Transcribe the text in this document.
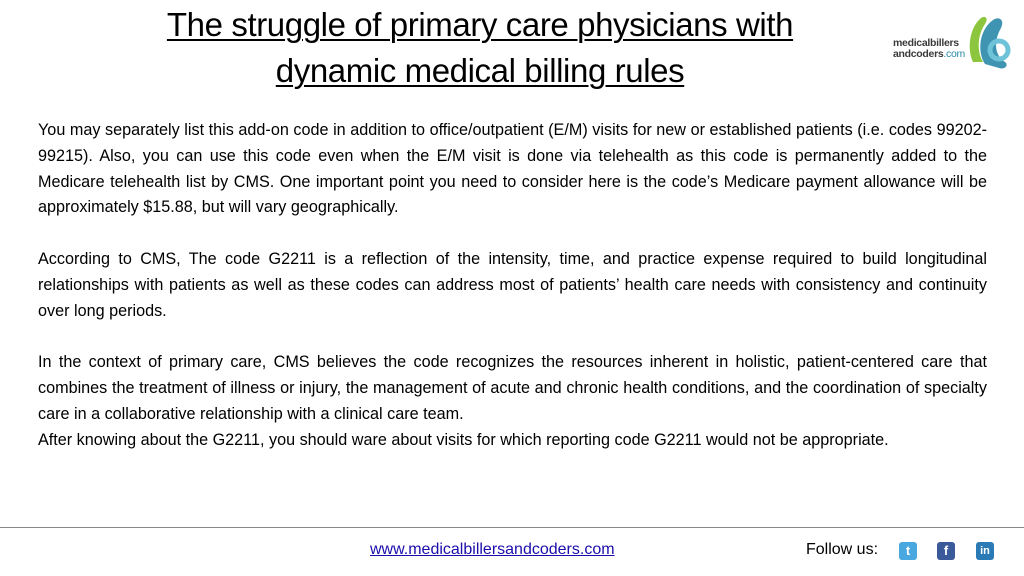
The struggle of primary care physicians with
dynamic medical billing rules
medicalbillers
andcoders.com

You may separately list this add-on code in addition to office/outpatient (E/M) visits for new or established patients (i.e. codes 99202-99215). Also, you can use this code even when the E/M visit is done via telehealth as this code is permanently added to the Medicare telehealth list by CMS. One important point you need to consider here is the code’s Medicare payment allowance will be approximately $15.88, but will vary geographically.

According to CMS, The code G2211 is a reflection of the intensity, time, and practice expense required to build longitudinal relationships with patients as well as these codes can address most of patients’ health care needs with consistency and continuity over long periods.

In the context of primary care, CMS believes the code recognizes the resources inherent in holistic, patient-centered care that combines the treatment of illness or injury, the management of acute and chronic health conditions, and the coordination of specialty care in a collaborative relationship with a clinical care team.

After knowing about the G2211, you should ware about visits for which reporting code G2211 would not be appropriate.

www.medicalbillersandcoders.com	Follow us:	t	f	in
